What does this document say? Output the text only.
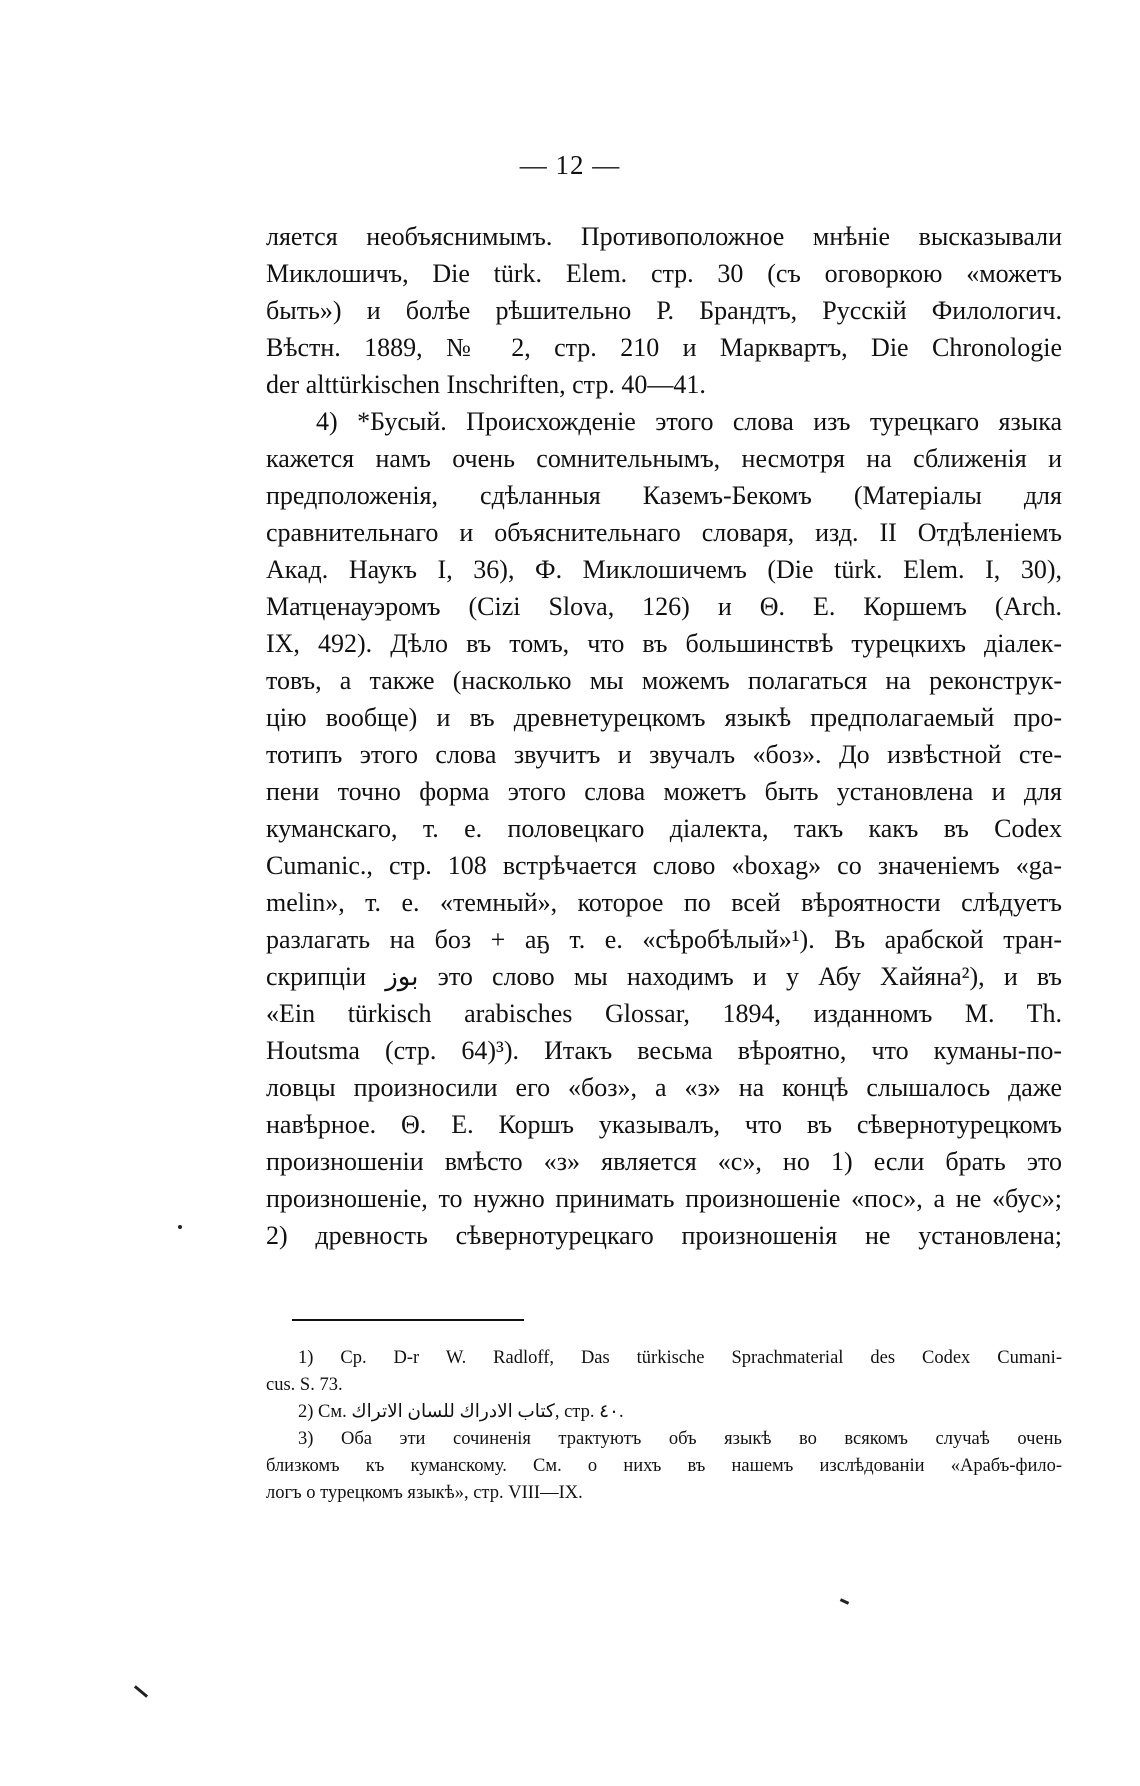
— 12 —
ляется необъяснимымъ. Противоположное мнѣніе высказывали
Миклошичъ, Die türk. Elem. стр. 30 (съ оговоркою «можетъ
быть») и болѣе рѣшительно Р. Брандтъ, Русскій Филологич.
Вѣстн. 1889, № 2, стр. 210 и Марквартъ, Die Chronologie
der alttürkischen Inschriften, стр. 40—41.
4) *Бусый. Происхожденіе этого слова изъ турецкаго языка
кажется намъ очень сомнительнымъ, несмотря на сближенія и
предположенія, сдѣланныя Каземъ-Бекомъ (Матеріалы для
сравнительнаго и объяснительнаго словаря, изд. II Отдѣленіемъ
Акад. Наукъ I, 36), Ф. Миклошичемъ (Die türk. Elem. I, 30),
Матценауэромъ (Cizi Slova, 126) и Θ. Е. Коршемъ (Arch.
IX, 492). Дѣло въ томъ, что въ большинствѣ турецкихъ діалек-
товъ, а также (насколько мы можемъ полагаться на реконструк-
цію вообще) и въ древнетурецкомъ языкѣ предполагаемый про-
тотипъ этого слова звучитъ и звучалъ «боз». До извѣстной сте-
пени точно форма этого слова можетъ быть установлена и для
куманскаго, т. е. половецкаго діалекта, такъ какъ въ Codex
Cumanic., стр. 108 встрѣчается слово «boxag» со значеніемъ «ga-
melin», т. е. «темный», которое по всей вѣроятности слѣдуетъ
разлагать на боз + аҕ т. е. «сѣробѣлый»¹). Въ арабской тран-
скрипціи بوز это слово мы находимъ и у Абу Хайяна²), и въ
«Ein türkisch arabisches Glossar, 1894, изданномъ M. Th.
Houtsma (стр. 64)³). Итакъ весьма вѣроятно, что куманы-по-
ловцы произносили его «боз», а «з» на концѣ слышалось даже
навѣрное. Θ. Е. Коршъ указывалъ, что въ сѣвернотурецкомъ
произношеніи вмѣсто «з» является «с», но 1) если брать это
произношеніе, то нужно принимать произношеніе «пос», а не «бус»;
2) древность сѣвернотурецкаго произношенія не установлена;
1) Ср. D-r W. Radloff, Das türkische Sprachmaterial des Codex Cumani-
cus. S. 73.
2) См. كتاب الادراك للسان الاتراك, стр. ٤٠.
3) Оба эти сочиненія трактуютъ объ языкѣ во всякомъ случаѣ очень
близкомъ къ куманскому. См. о нихъ въ нашемъ изслѣдованіи «Арабъ-фило-
логъ о турецкомъ языкѣ», стр. VIII—IX.
